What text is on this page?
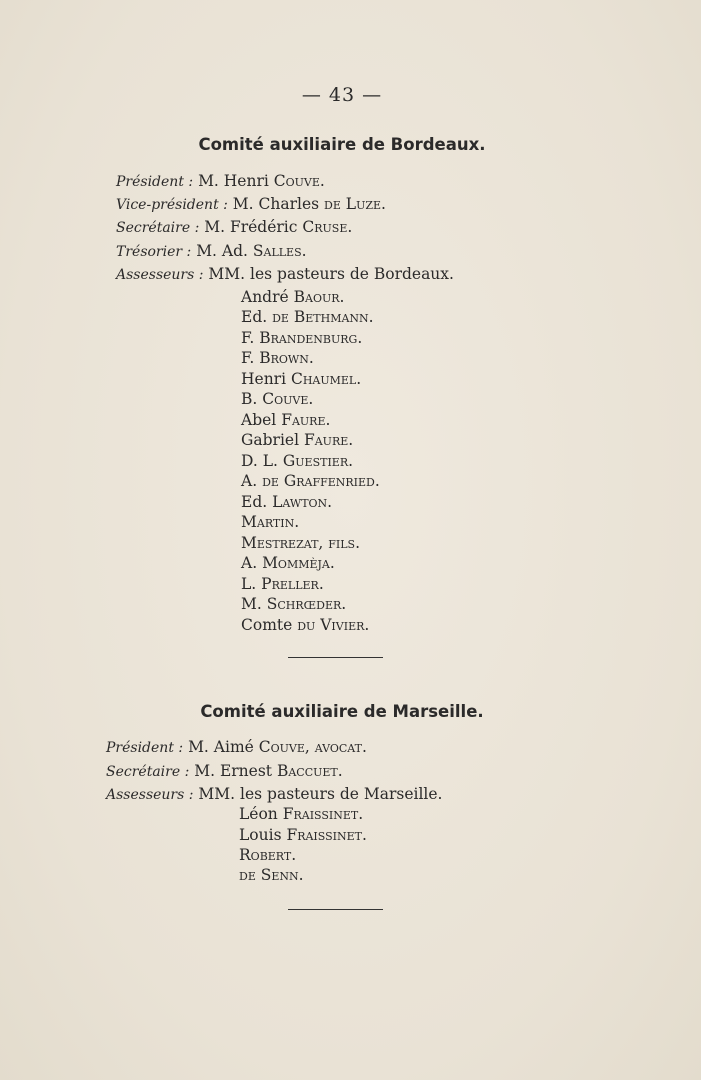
— 43 —
Comité auxiliaire de Bordeaux.
Président : M. Henri Couve.
Vice-président : M. Charles de Luze.
Secrétaire : M. Frédéric Cruse.
Trésorier : M. Ad. Salles.
Assesseurs : MM. les pasteurs de Bordeaux.
André Baour.
Ed. de Bethmann.
F. Brandenburg.
F. Brown.
Henri Chaumel.
B. Couve.
Abel Faure.
Gabriel Faure.
D. L. Guestier.
A. de Graffenried.
Ed. Lawton.
Martin.
Mestrezat, fils.
A. Mommèja.
L. Preller.
M. Schrœder.
Comte du Vivier.
Comité auxiliaire de Marseille.
Président : M. Aimé Couve, avocat.
Secrétaire : M. Ernest Baccuet.
Assesseurs : MM. les pasteurs de Marseille.
Léon Fraissinet.
Louis Fraissinet.
Robert.
de Senn.
